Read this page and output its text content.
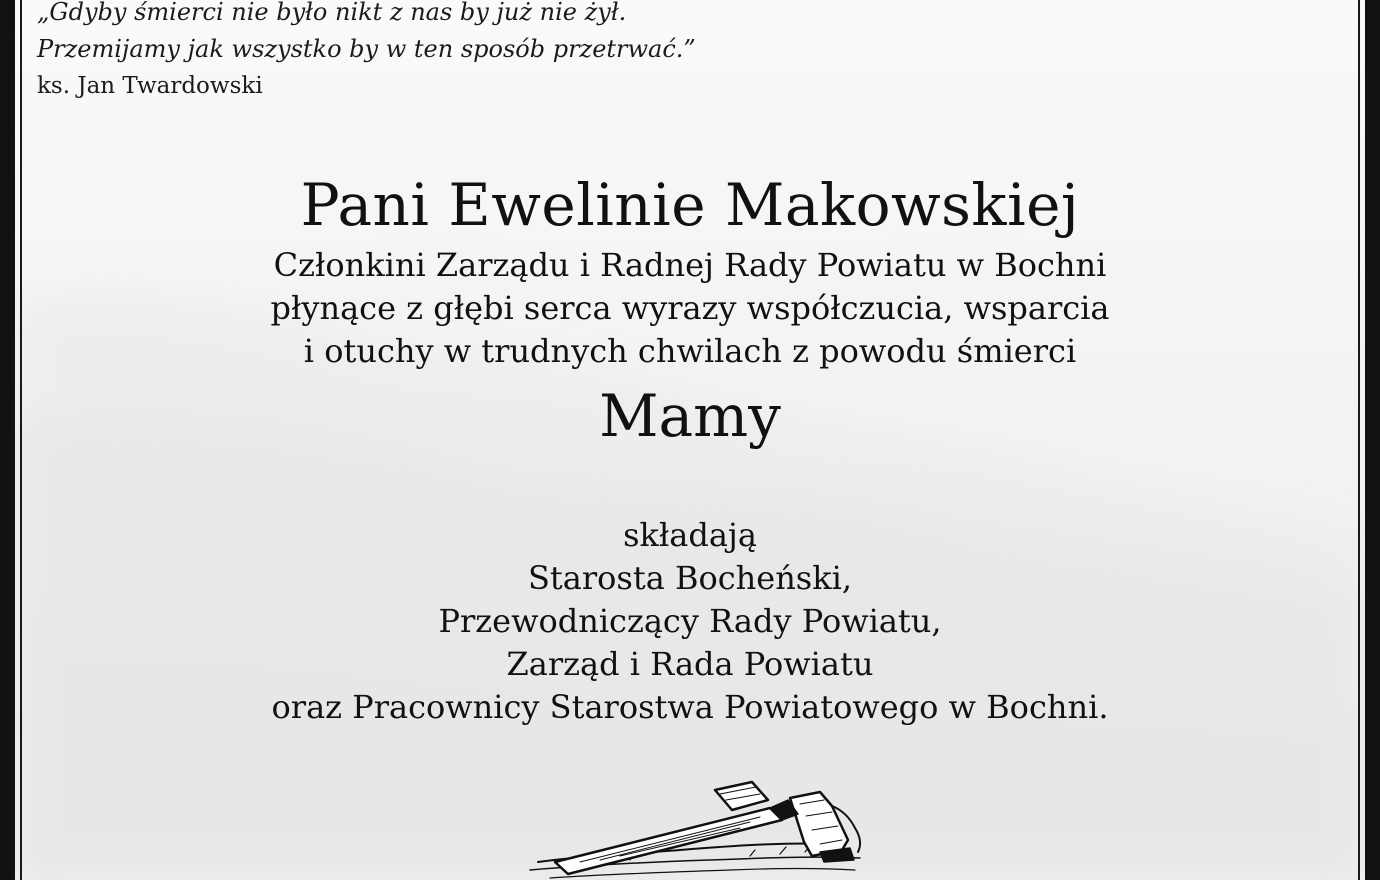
„Gdyby śmierci nie było nikt z nas by już nie żył.
Przemijamy jak wszystko by w ten sposób przetrwać.”
ks. Jan Twardowski
Pani Ewelinie Makowskiej
Członkini Zarządu i Radnej Rady Powiatu w Bochni
płynące z głębi serca wyrazy współczucia, wsparcia
i otuchy w trudnych chwilach z powodu śmierci
Mamy
składają
Starosta Bocheński,
Przewodniczący Rady Powiatu,
Zarząd i Rada Powiatu
oraz Pracownicy Starostwa Powiatowego w Bochni.
